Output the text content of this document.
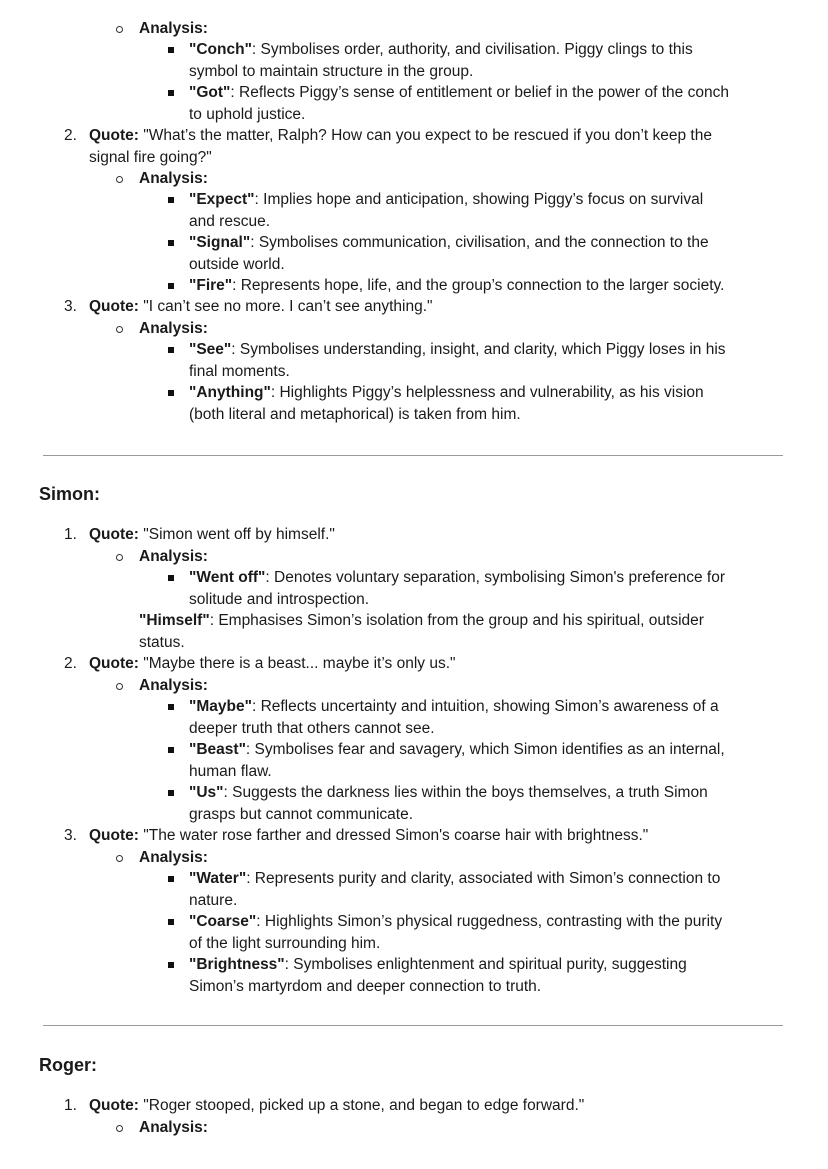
Analysis:
"Conch": Symbolises order, authority, and civilisation. Piggy clings to this
symbol to maintain structure in the group.
"Got": Reflects Piggy’s sense of entitlement or belief in the power of the conch
to uphold justice.
2. Quote: "What’s the matter, Ralph? How can you expect to be rescued if you don’t keep the
signal fire going?"
Analysis:
"Expect": Implies hope and anticipation, showing Piggy’s focus on survival
and rescue.
"Signal": Symbolises communication, civilisation, and the connection to the
outside world.
"Fire": Represents hope, life, and the group’s connection to the larger society.
3. Quote: "I can’t see no more. I can’t see anything."
Analysis:
"See": Symbolises understanding, insight, and clarity, which Piggy loses in his
final moments.
"Anything": Highlights Piggy’s helplessness and vulnerability, as his vision
(both literal and metaphorical) is taken from him.
Simon:
1. Quote: "Simon went off by himself."
Analysis:
"Went off": Denotes voluntary separation, symbolising Simon's preference for
solitude and introspection.
"Himself": Emphasises Simon’s isolation from the group and his spiritual, outsider
status.
2. Quote: "Maybe there is a beast... maybe it’s only us."
Analysis:
"Maybe": Reflects uncertainty and intuition, showing Simon’s awareness of a
deeper truth that others cannot see.
"Beast": Symbolises fear and savagery, which Simon identifies as an internal,
human flaw.
"Us": Suggests the darkness lies within the boys themselves, a truth Simon
grasps but cannot communicate.
3. Quote: "The water rose farther and dressed Simon's coarse hair with brightness."
Analysis:
"Water": Represents purity and clarity, associated with Simon’s connection to
nature.
"Coarse": Highlights Simon’s physical ruggedness, contrasting with the purity
of the light surrounding him.
"Brightness": Symbolises enlightenment and spiritual purity, suggesting
Simon’s martyrdom and deeper connection to truth.
Roger:
1. Quote: "Roger stooped, picked up a stone, and began to edge forward."
Analysis:
